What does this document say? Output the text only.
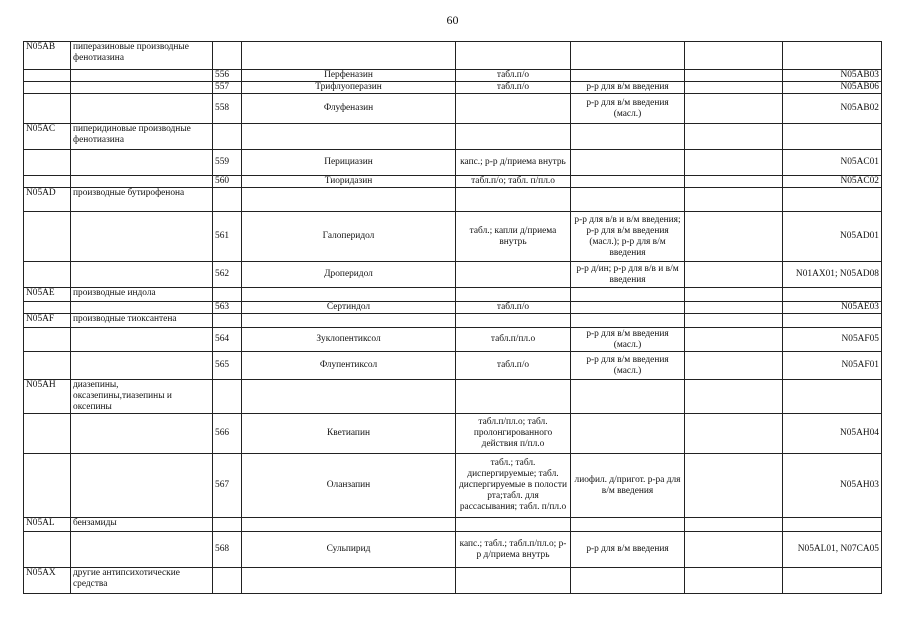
60
N05AB	пиперазиновые производные фенотиазина						
		556	Перфеназин	табл.п/о			N05AB03
		557	Трифлуоперазин	табл.п/о	р-р для в/м введения		N05AB06
		558	Флуфеназин		р-р для в/м введения (масл.)		N05AB02
N05AC	пиперидиновые производные фенотиазина						
		559	Перициазин	капс.; р-р д/приема внутрь			N05AC01
		560	Тиоридазин	табл.п/о; табл. п/пл.о			N05AC02
N05AD	производные бутирофенона						
		561	Галоперидол	табл.; капли д/приема внутрь	р-р для в/в и в/м введения; р-р для в/м введения (масл.); р-р для в/м введения		N05AD01
		562	Дроперидол		р-р д/ин; р-р для в/в и в/м введения		N01AX01; N05AD08
N05AE	производные индола						
		563	Сертиндол	табл.п/о			N05AE03
N05AF	производные тиоксантена						
		564	Зуклопентиксол	табл.п/пл.о	р-р для в/м введения (масл.)		N05AF05
		565	Флупентиксол	табл.п/о	р-р для в/м введения (масл.)		N05AF01
N05AH	диазепины, оксазепины,тиазепины и оксепины						
		566	Кветиапин	табл.п/пл.о; табл. пролонгированного действия п/пл.о			N05AH04
		567	Оланзапин	табл.; табл. диспергируемые; табл. диспергируемые в полости рта;табл. для рассасывания; табл. п/пл.о	лиофил. д/пригот. р-ра для в/м введения		N05AH03
N05AL	бензамиды						
		568	Сульпирид	капс.; табл.; табл.п/пл.о; р-р д/приема внутрь	р-р для в/м введения		N05AL01, N07CA05
N05AX	другие антипсихотические средства						
